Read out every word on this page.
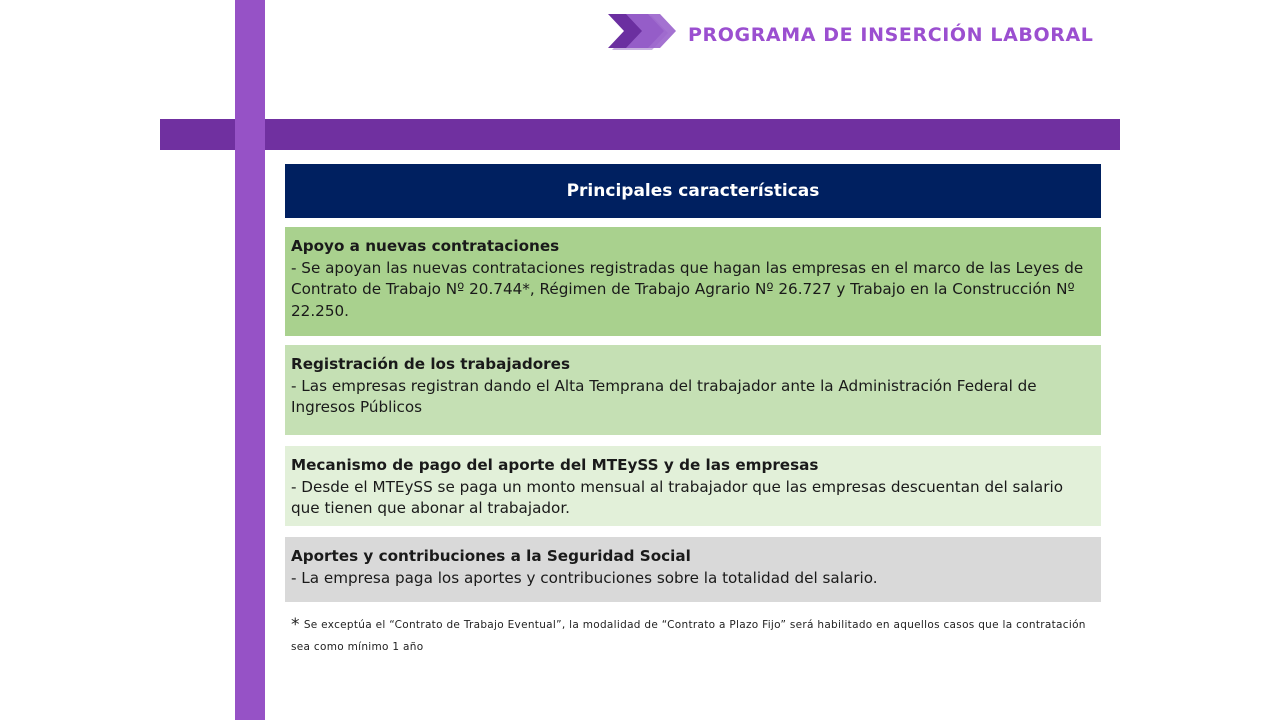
PROGRAMA DE INSERCIÓN LABORAL
Principales características
Apoyo a nuevas contrataciones
- Se apoyan las nuevas contrataciones registradas que hagan las empresas en el marco de las Leyes de Contrato de Trabajo Nº 20.744*, Régimen de Trabajo Agrario Nº 26.727 y Trabajo en la Construcción Nº 22.250.
Registración de los trabajadores
- Las empresas registran dando el Alta Temprana del trabajador ante la Administración Federal de Ingresos Públicos
Mecanismo de pago del aporte del MTEySS y de las empresas
- Desde el MTEySS se paga un monto mensual al trabajador que las empresas descuentan del salario que tienen que abonar al trabajador.
Aportes y contribuciones a la Seguridad Social
- La empresa paga los aportes y contribuciones sobre la totalidad del salario.
* Se exceptúa el “Contrato de Trabajo Eventual”, la modalidad de “Contrato a Plazo Fijo” será habilitado en aquellos casos que la contratación sea como mínimo 1 año
